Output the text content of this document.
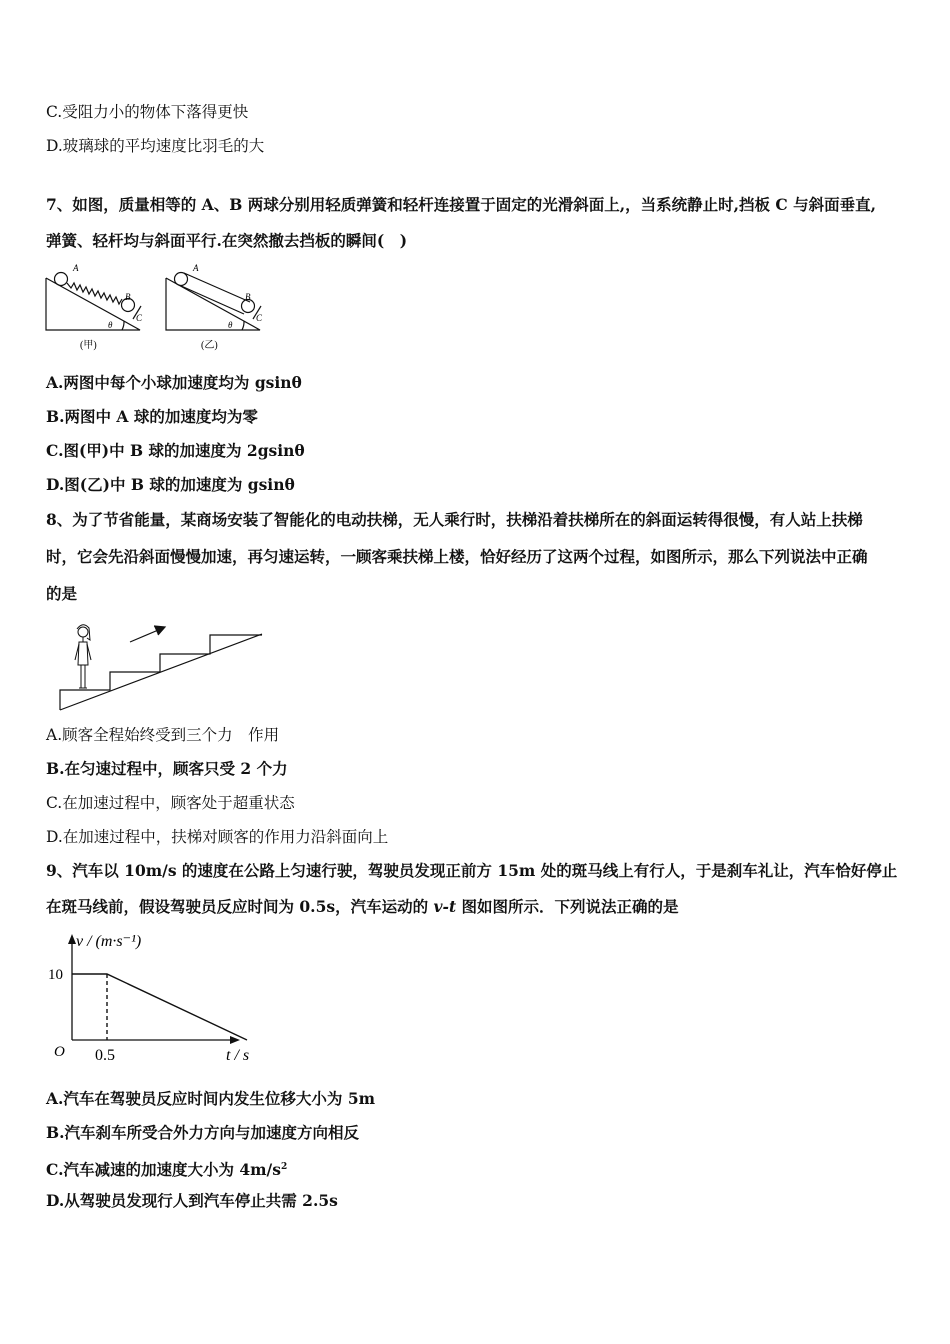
C.受阻力小的物体下落得更快
D.玻璃球的平均速度比羽毛的大
7、如图，质量相等的 A、B 两球分别用轻质弹簧和轻杆连接置于固定的光滑斜面上,，当系统静止时,挡板 C 与斜面垂直,
弹簧、轻杆均与斜面平行.在突然撤去挡板的瞬间(　)
A
B
C
θ
(甲)
A
B
C
θ
(乙)
A.两图中每个小球加速度均为 gsinθ
B.两图中 A 球的加速度均为零
C.图(甲)中 B 球的加速度为 2gsinθ
D.图(乙)中 B 球的加速度为 gsinθ
8、为了节省能量，某商场安装了智能化的电动扶梯，无人乘行时，扶梯沿着扶梯所在的斜面运转得很慢，有人站上扶梯
时，它会先沿斜面慢慢加速，再匀速运转，一顾客乘扶梯上楼，恰好经历了这两个过程，如图所示，那么下列说法中正确
的是
A.顾客全程始终受到三个力　作用
B.在匀速过程中，顾客只受 2 个力
C.在加速过程中，顾客处于超重状态
D.在加速过程中，扶梯对顾客的作用力沿斜面向上
9、汽车以 10m/s 的速度在公路上匀速行驶，驾驶员发现正前方 15m 处的斑马线上有行人，于是刹车礼让，汽车恰好停止
在斑马线前，假设驾驶员反应时间为 0.5s，汽车运动的 v-t 图如图所示．下列说法正确的是
10
0.5
O	t / s
v / (m·s⁻¹)
A.汽车在驾驶员反应时间内发生位移大小为 5m
B.汽车刹车所受合外力方向与加速度方向相反
C.汽车减速的加速度大小为 $4m/s^2$
D.从驾驶员发现行人到汽车停止共需 2.5s
